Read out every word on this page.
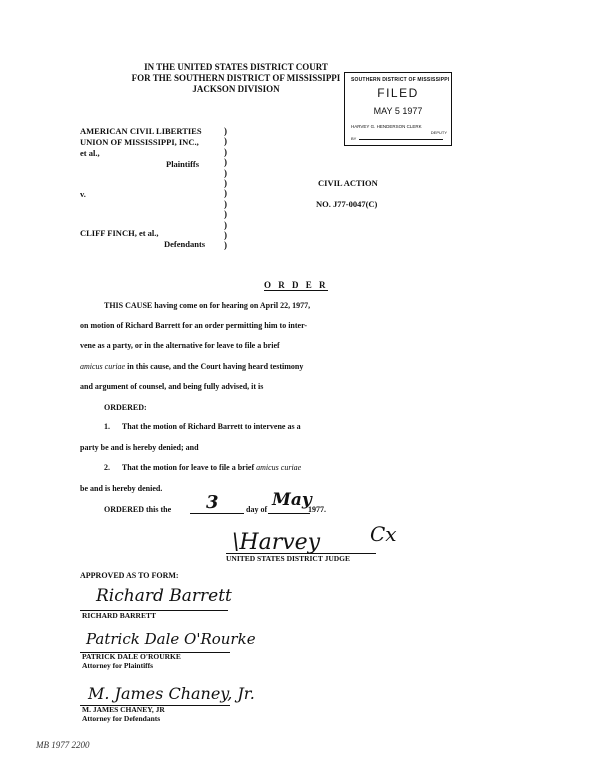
IN THE UNITED STATES DISTRICT COURT
FOR THE SOUTHERN DISTRICT OF MISSISSIPPI
JACKSON DIVISION
SOUTHERN DISTRICT OF MISSISSIPPI
FILED
MAY 5 1977
HARVEY G. HENDERSON CLERK
DEPUTY
BY
AMERICAN CIVIL LIBERTIES
UNION OF MISSISSIPPI, INC.,
et al.,
Plaintiffs
v.
CLIFF FINCH, et al.,
Defendants
)
)
)
)
)
)
)
)
)
)
)
)
CIVIL ACTION
NO. J77-0047(C)
O R D E R
THIS CAUSE having come on for hearing on April 22, 1977,
on motion of Richard Barrett for an order permitting him to inter-
vene as a party, or in the alternative for leave to file a brief
amicus curiae in this cause, and the Court having heard testimony
and argument of counsel, and being fully advised, it is
ORDERED:
1.      That the motion of Richard Barrett to intervene as a
party be and is hereby denied; and
2.      That the motion for leave to file a brief amicus curiae
be and is hereby denied.
ORDERED this the	3	day of May
1977.
\Harvey Cx
UNITED STATES DISTRICT JUDGE
APPROVED AS TO FORM:
Richard Barrett
RICHARD BARRETT
Patrick Dale O'Rourke
PATRICK DALE O'ROURKE
Attorney for Plaintiffs
M. James Chaney, Jr.
M. JAMES CHANEY, JR
Attorney for Defendants
MB 1977 2200
